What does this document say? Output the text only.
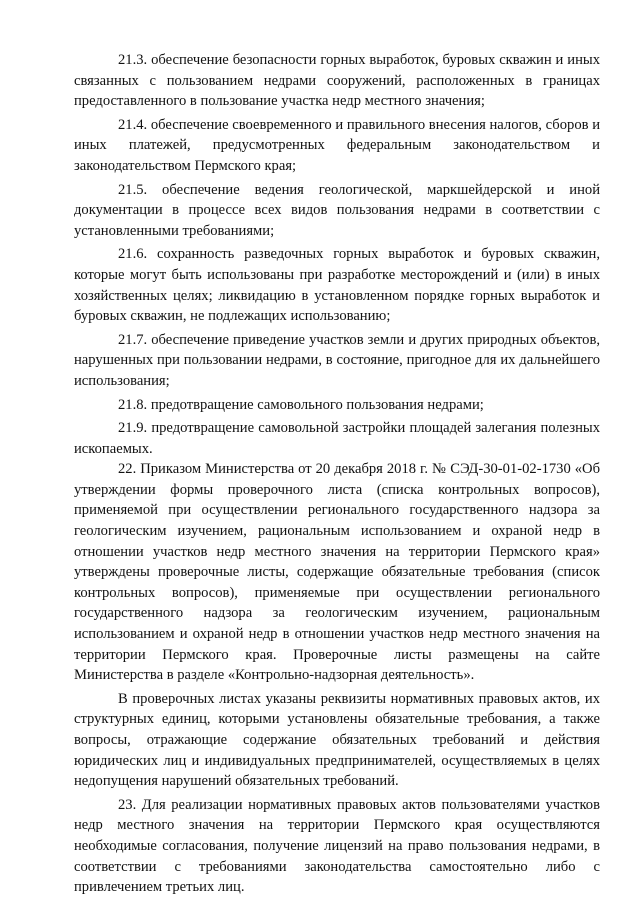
21.3. обеспечение безопасности горных выработок, буровых скважин и иных связанных с пользованием недрами сооружений, расположенных в границах предоставленного в пользование участка недр местного значения;

21.4. обеспечение своевременного и правильного внесения налогов, сборов и иных платежей, предусмотренных федеральным законодательством и законодательством Пермского края;

21.5. обеспечение ведения геологической, маркшейдерской и иной документации в процессе всех видов пользования недрами в соответствии с установленными требованиями;

21.6. сохранность разведочных горных выработок и буровых скважин, которые могут быть использованы при разработке месторождений и (или) в иных хозяйственных целях; ликвидацию в установленном порядке горных выработок и буровых скважин, не подлежащих использованию;

21.7. обеспечение приведение участков земли и других природных объектов, нарушенных при пользовании недрами, в состояние, пригодное для их дальнейшего использования;

21.8. предотвращение самовольного пользования недрами;

21.9. предотвращение самовольной застройки площадей залегания полезных ископаемых.

22. Приказом Министерства от 20 декабря 2018 г. № СЭД-30-01-02-1730 «Об утверждении формы проверочного листа (списка контрольных вопросов), применяемой при осуществлении регионального государственного надзора за геологическим изучением, рациональным использованием и охраной недр в отношении участков недр местного значения на территории Пермского края» утверждены проверочные листы, содержащие обязательные требования (список контрольных вопросов), применяемые при осуществлении регионального государственного надзора за геологическим изучением, рациональным использованием и охраной недр в отношении участков недр местного значения на территории Пермского края. Проверочные листы размещены на сайте Министерства в разделе «Контрольно-надзорная деятельность».

В проверочных листах указаны реквизиты нормативных правовых актов, их структурных единиц, которыми установлены обязательные требования, а также вопросы, отражающие содержание обязательных требований и действия юридических лиц и индивидуальных предпринимателей, осуществляемых в целях недопущения нарушений обязательных требований.

23. Для реализации нормативных правовых актов пользователями участков недр местного значения на территории Пермского края осуществляются необходимые согласования, получение лицензий на право пользования недрами, в соответствии с требованиями законодательства самостоятельно либо с привлечением третьих лиц.
